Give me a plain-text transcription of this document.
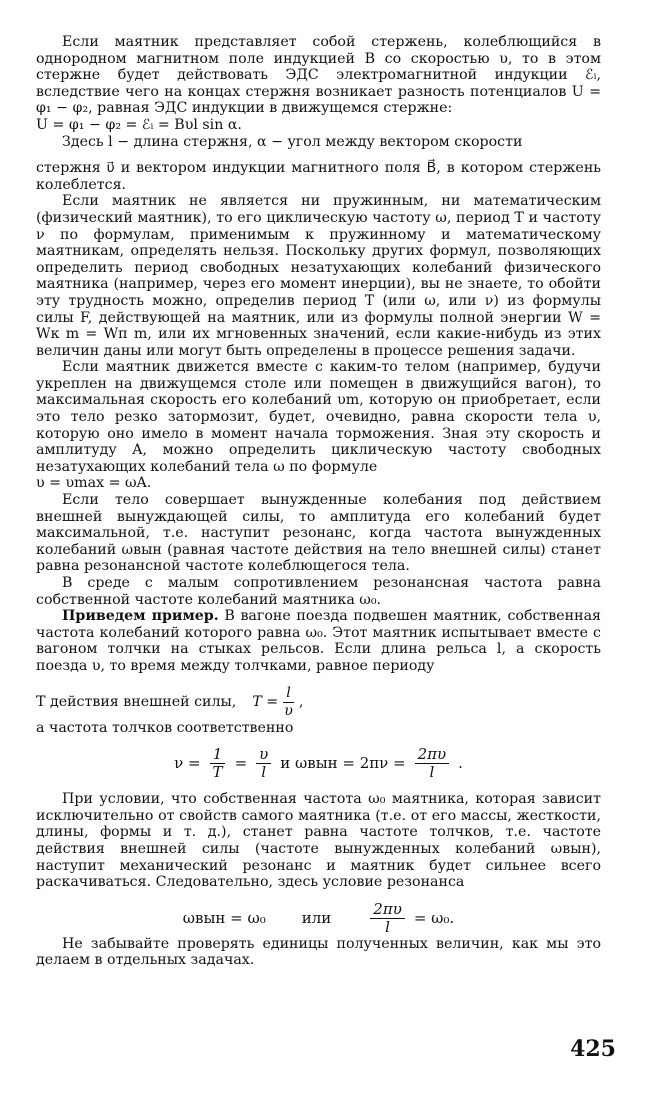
Если маятник представляет собой стержень, колеблющийся в однородном магнитном поле индукцией B со скоростью υ, то в этом стержне будет действовать ЭДС электромагнитной индукции ℰᵢ, вследствие чего на концах стержня возникает разность потенциалов U = φ₁ − φ₂, равная ЭДС индукции в движущемся стержне:

U = φ₁ − φ₂ = ℰᵢ = Bυl sin α.

Здесь l − длина стержня, α − угол между вектором скорости

стержня υ⃗ и вектором индукции магнитного поля B⃗, в котором стержень колеблется.

Если маятник не является ни пружинным, ни математическим (физический маятник), то его циклическую частоту ω, период T и частоту ν по формулам, применимым к пружинному и математическому маятникам, определять нельзя. Поскольку других формул, позволяющих определить период свободных незатухающих колебаний физического маятника (например, через его момент инерции), вы не знаете, то обойти эту трудность можно, определив период T (или ω, или ν) из формулы силы F, действующей на маятник, или из формулы полной энергии W = Wк m = Wп m, или их мгновенных значений, если какие-нибудь из этих величин даны или могут быть определены в процессе решения задачи.

Если маятник движется вместе с каким-то телом (например, будучи укреплен на движущемся столе или помещен в движущийся вагон), то максимальная скорость его колебаний υm, которую он приобретает, если это тело резко затормозит, будет, очевидно, равна скорости тела υ, которую оно имело в момент начала торможения. Зная эту скорость и амплитуду A, можно определить циклическую частоту свободных незатухающих колебаний тела ω по формуле

υ = υmax = ωA.

Если тело совершает вынужденные колебания под действием внешней вынуждающей силы, то амплитуда его колебаний будет максимальной, т.е. наступит резонанс, когда частота вынужденных колебаний ωвын (равная частоте действия на тело внешней силы) станет равна резонансной частоте колеблющегося тела.

В среде с малым сопротивлением резонансная частота равна собственной частоте колебаний маятника ω₀.

Приведем пример. В вагоне поезда подвешен маятник, собственная частота колебаний которого равна ω₀. Этот маятник испытывает вместе с вагоном толчки на стыках рельсов. Если длина рельса l, а скорость поезда υ, то время между толчками, равное периоду

T действия внешней силы, $T = \frac{l}{\upsilon}$ ,

а частота толчков соответственно

$\nu = \frac{1}{T} = \frac{\upsilon}{l}$ и $\omega вын = 2\pi\nu = \frac{2\pi\upsilon}{l}$ .

При условии, что собственная частота ω₀ маятника, которая зависит исключительно от свойств самого маятника (т.е. от его массы, жесткости, длины, формы и т. д.), станет равна частоте толчков, т.е. частоте действия внешней силы (частоте вынужденных колебаний ωвын), наступит механический резонанс и маятник будет сильнее всего раскачиваться. Следовательно, здесь условие резонанса

ωвын = ω₀ или	$\frac{2\pi\upsilon}{l} = \omega_0$.

Не забывайте проверять единицы полученных величин, как мы это делаем в отдельных задачах.

425
